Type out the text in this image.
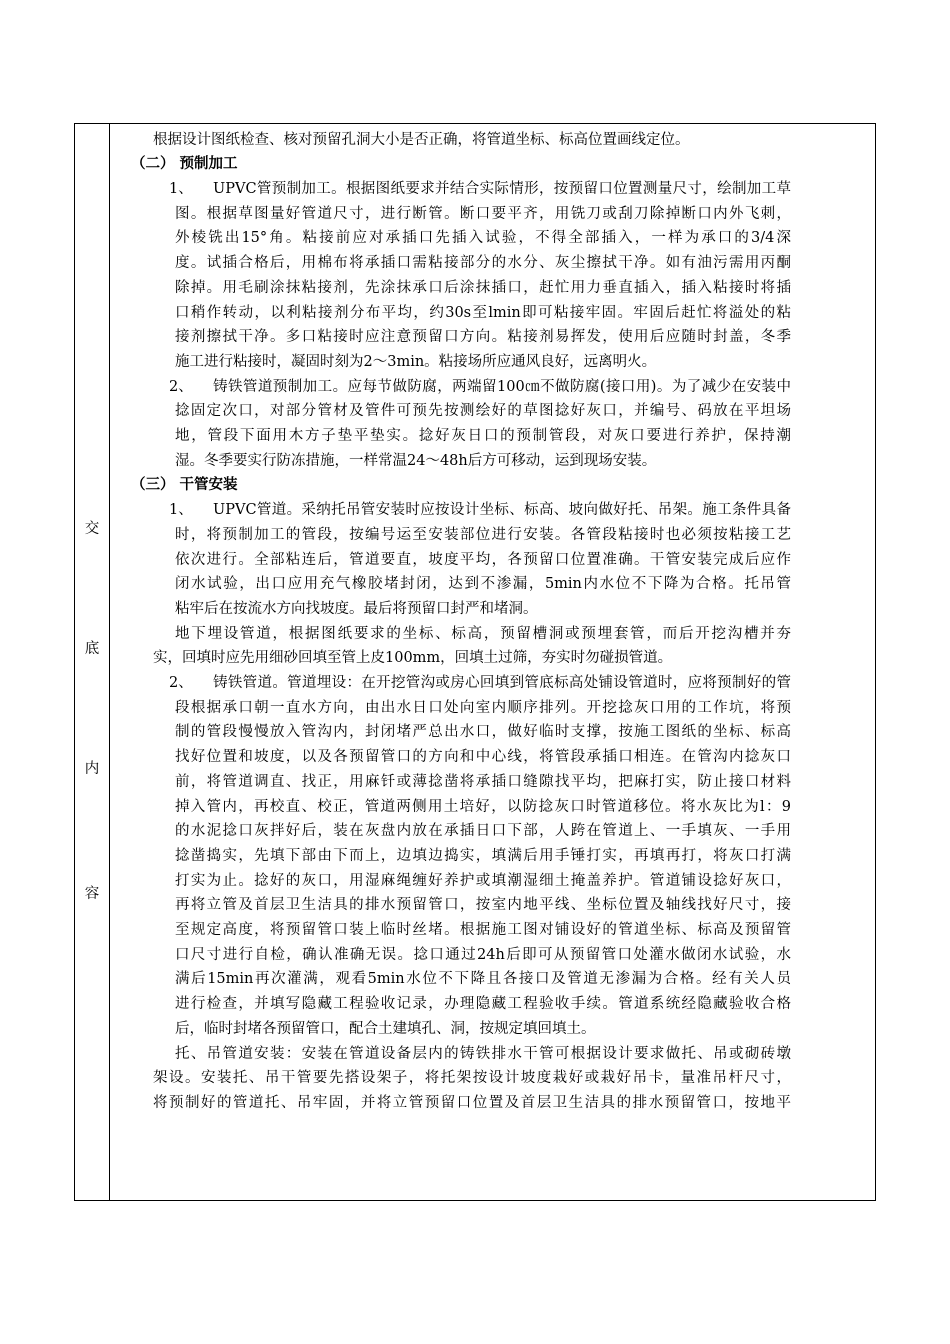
交
底
内
容
根据设计图纸检查、核对预留孔洞大小是否正确，将管道坐标、标高位置画线定位。
（二） 预制加工
1、 UPVC管预制加工。根据图纸要求并结合实际情形，按预留口位置测量尺寸，绘制加工草
图。根据草图量好管道尺寸，进行断管。断口要平齐，用铣刀或刮刀除掉断口内外飞刺，
外棱铣出15°角。粘接前应对承插口先插入试验，不得全部插入，一样为承口的3/4深
度。试插合格后，用棉布将承插口需粘接部分的水分、灰尘擦拭干净。如有油污需用丙酮
除掉。用毛刷涂抹粘接剂，先涂抹承口后涂抹插口，赶忙用力垂直插入，插入粘接时将插
口稍作转动，以利粘接剂分布平均，约30s至lmin即可粘接牢固。牢固后赶忙将溢处的粘
接剂擦拭干净。多口粘接时应注意预留口方向。粘接剂易挥发，使用后应随时封盖，冬季
施工进行粘接时，凝固时刻为2～3min。粘接场所应通风良好，远离明火。
2、 铸铁管道预制加工。应每节做防腐，两端留100㎝不做防腐(接口用)。为了减少在安装中
捻固定次口，对部分管材及管件可预先按测绘好的草图捻好灰口，并编号、码放在平坦场
地，管段下面用木方子垫平垫实。捻好灰日口的预制管段，对灰口要进行养护，保持潮
湿。冬季要实行防冻措施，一样常温24～48h后方可移动，运到现场安装。
（三） 干管安装
1、 UPVC管道。采纳托吊管安装时应按设计坐标、标高、坡向做好托、吊架。施工条件具备
时，将预制加工的管段，按编号运至安装部位进行安装。各管段粘接时也必须按粘接工艺
依次进行。全部粘连后，管道要直，坡度平均，各预留口位置准确。干管安装完成后应作
闭水试验，出口应用充气橡胶堵封闭，达到不渗漏，5min内水位不下降为合格。托吊管
粘牢后在按流水方向找坡度。最后将预留口封严和堵洞。
地下埋设管道，根据图纸要求的坐标、标高，预留槽洞或预埋套管，而后开挖沟槽并夯
实，回填时应先用细砂回填至管上皮100mm，回填土过筛，夯实时勿碰损管道。
2、 铸铁管道。管道埋设：在开挖管沟或房心回填到管底标高处铺设管道时，应将预制好的管
段根据承口朝一直水方向，由出水日口处向室内顺序排列。开挖捻灰口用的工作坑，将预
制的管段慢慢放入管沟内，封闭堵严总出水口，做好临时支撑，按施工图纸的坐标、标高
找好位置和坡度，以及各预留管口的方向和中心线，将管段承插口相连。在管沟内捻灰口
前，将管道调直、找正，用麻钎或薄捻凿将承插口缝隙找平均，把麻打实，防止接口材料
掉入管内，再校直、校正，管道两侧用土培好，以防捻灰口时管道移位。将水灰比为l：9
的水泥捻口灰拌好后，装在灰盘内放在承插日口下部，人跨在管道上、一手填灰、一手用
捻凿捣实，先填下部由下而上，边填边捣实，填满后用手锤打实，再填再打，将灰口打满
打实为止。捻好的灰口，用湿麻绳缠好养护或填潮湿细土掩盖养护。管道铺设捻好灰口，
再将立管及首层卫生洁具的排水预留管口，按室内地平线、坐标位置及轴线找好尺寸，接
至规定高度，将预留管口装上临时丝堵。根据施工图对铺设好的管道坐标、标高及预留管
口尺寸进行自检，确认准确无误。捻口通过24h后即可从预留管口处灌水做闭水试验，水
满后15min再次灌满，观看5min水位不下降且各接口及管道无渗漏为合格。经有关人员
进行检查，并填写隐藏工程验收记录，办理隐藏工程验收手续。管道系统经隐藏验收合格
后，临时封堵各预留管口，配合土建填孔、洞，按规定填回填土。
托、吊管道安装：安装在管道设备层内的铸铁排水干管可根据设计要求做托、吊或砌砖墩
架设。安装托、吊干管要先搭设架子，将托架按设计坡度栽好或栽好吊卡，量准吊杆尺寸，
将预制好的管道托、吊牢固，并将立管预留口位置及首层卫生洁具的排水预留管口，按地平
